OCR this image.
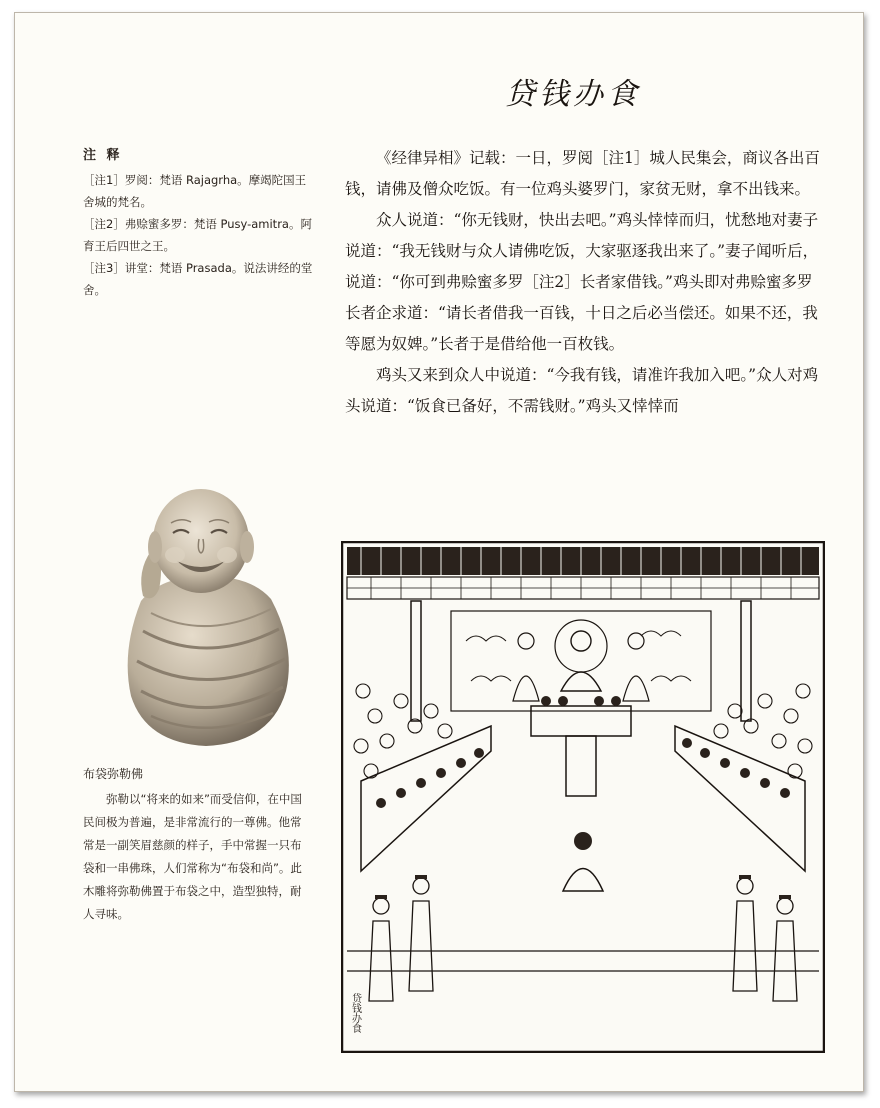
贷钱办食
注 释

［注1］罗阅：梵语 Rajagrha。摩竭陀国王舍城的梵名。

［注2］弗赊蜜多罗：梵语 Pusy-amitra。阿育王后四世之王。

［注3］讲堂：梵语 Prasada。说法讲经的堂舍。

布袋弥勒佛

弥勒以“将来的如来”而受信仰，在中国民间极为普遍，是非常流行的一尊佛。他常常是一副笑眉慈颜的样子，手中常握一只布袋和一串佛珠，人们常称为“布袋和尚”。此木雕将弥勒佛置于布袋之中，造型独特，耐人寻味。

《经律异相》记载：一日，罗阅［注1］城人民集会，商议各出百钱，请佛及僧众吃饭。有一位鸡头婆罗门，家贫无财，拿不出钱来。

众人说道：“你无钱财，快出去吧。”鸡头悻悻而归，忧愁地对妻子说道：“我无钱财与众人请佛吃饭，大家驱逐我出来了。”妻子闻听后，说道：“你可到弗赊蜜多罗［注2］长者家借钱。”鸡头即对弗赊蜜多罗长者企求道：“请长者借我一百钱，十日之后必当偿还。如果不还，我等愿为奴婢。”长者于是借给他一百枚钱。

鸡头又来到众人中说道：“今我有钱，请准许我加入吧。”众人对鸡头说道：“饭食已备好，不需钱财。”鸡头又悻悻而

贷钱办食
